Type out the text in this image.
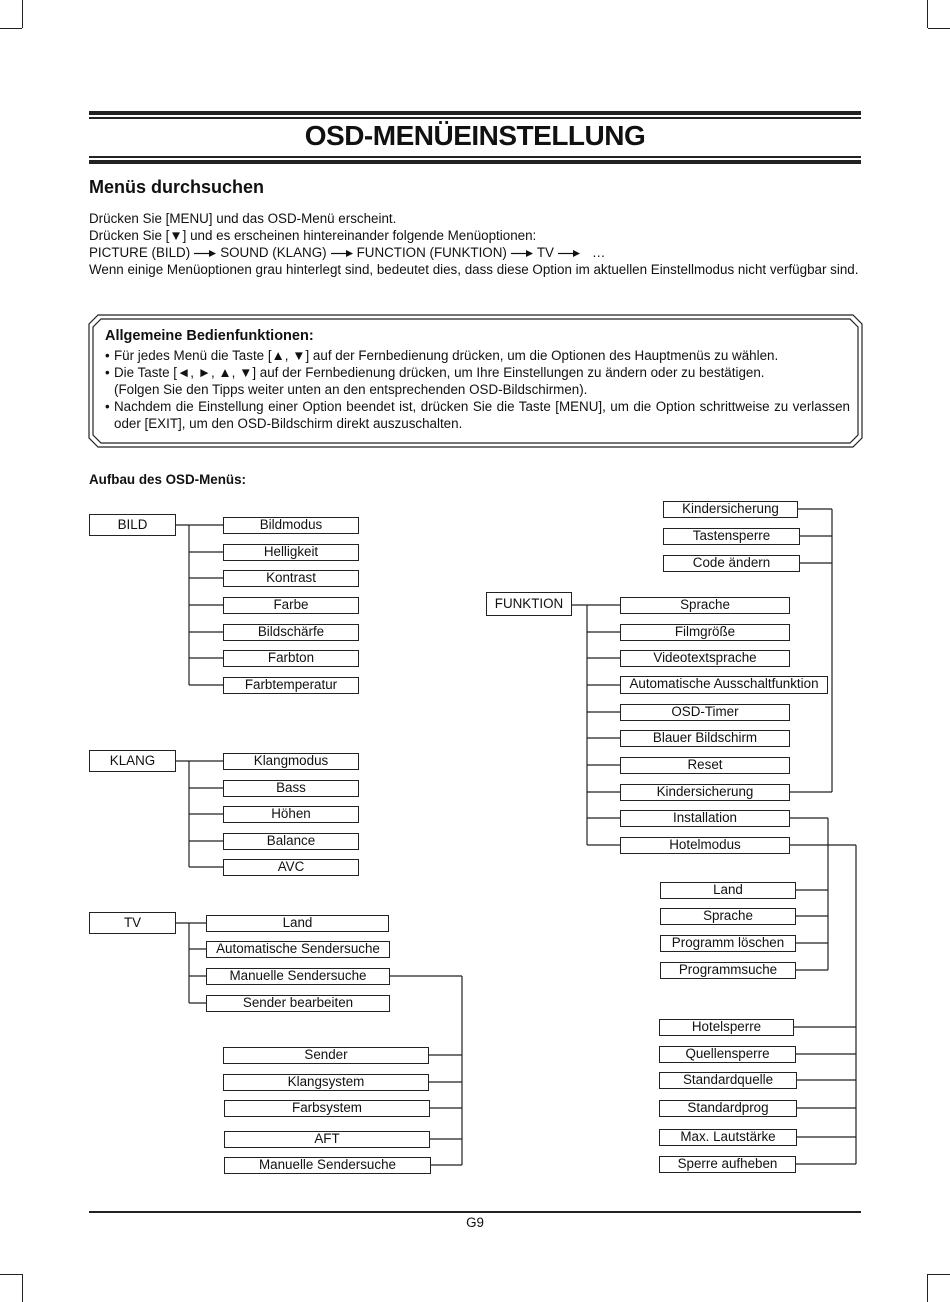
OSD-MENÜEINSTELLUNG
Menüs durchsuchen
Drücken Sie [MENU] und das OSD-Menü erscheint.
Drücken Sie [▼] und es erscheinen hintereinander folgende Menüoptionen:
PICTURE (BILD) SOUND (KLANG) FUNCTION (FUNKTION) TV	…
Wenn einige Menüoptionen grau hinterlegt sind, bedeutet dies, dass diese Option im aktuellen Einstellmodus nicht verfügbar sind.
Allgemeine Bedienfunktionen:
• Für jedes Menü die Taste [▲, ▼] auf der Fernbedienung drücken, um die Optionen des Hauptmenüs zu wählen.
• Die Taste [◄, ►, ▲, ▼] auf der Fernbedienung drücken, um Ihre Einstellungen zu ändern oder zu bestätigen.
(Folgen Sie den Tipps weiter unten an den entsprechenden OSD-Bildschirmen).
• Nachdem die Einstellung einer Option beendet ist, drücken Sie die Taste [MENU], um die Option schrittweise zu verlassen oder [EXIT], um den OSD-Bildschirm direkt auszuschalten.
Aufbau des OSD-Menüs:
BILD	Bildmodus
Helligkeit
Kontrast
Farbe
Bildschärfe
Farbton
Farbtemperatur
KLANG	Klangmodus
Bass
Höhen
Balance
AVC
TV	Land
Automatische Sendersuche
Manuelle Sendersuche
Sender bearbeiten
Sender
Klangsystem
Farbsystem
AFT
Manuelle Sendersuche
FUNKTION	Sprache
Filmgröße
Videotextsprache
Automatische Ausschaltfunktion
OSD-Timer
Blauer Bildschirm
Reset
Kindersicherung
Installation
Hotelmodus
Kindersicherung
Tastensperre
Code ändern
Land
Sprache
Programm löschen
Programmsuche
Hotelsperre
Quellensperre
Standardquelle
Standardprog
Max. Lautstärke
Sperre aufheben
G9
